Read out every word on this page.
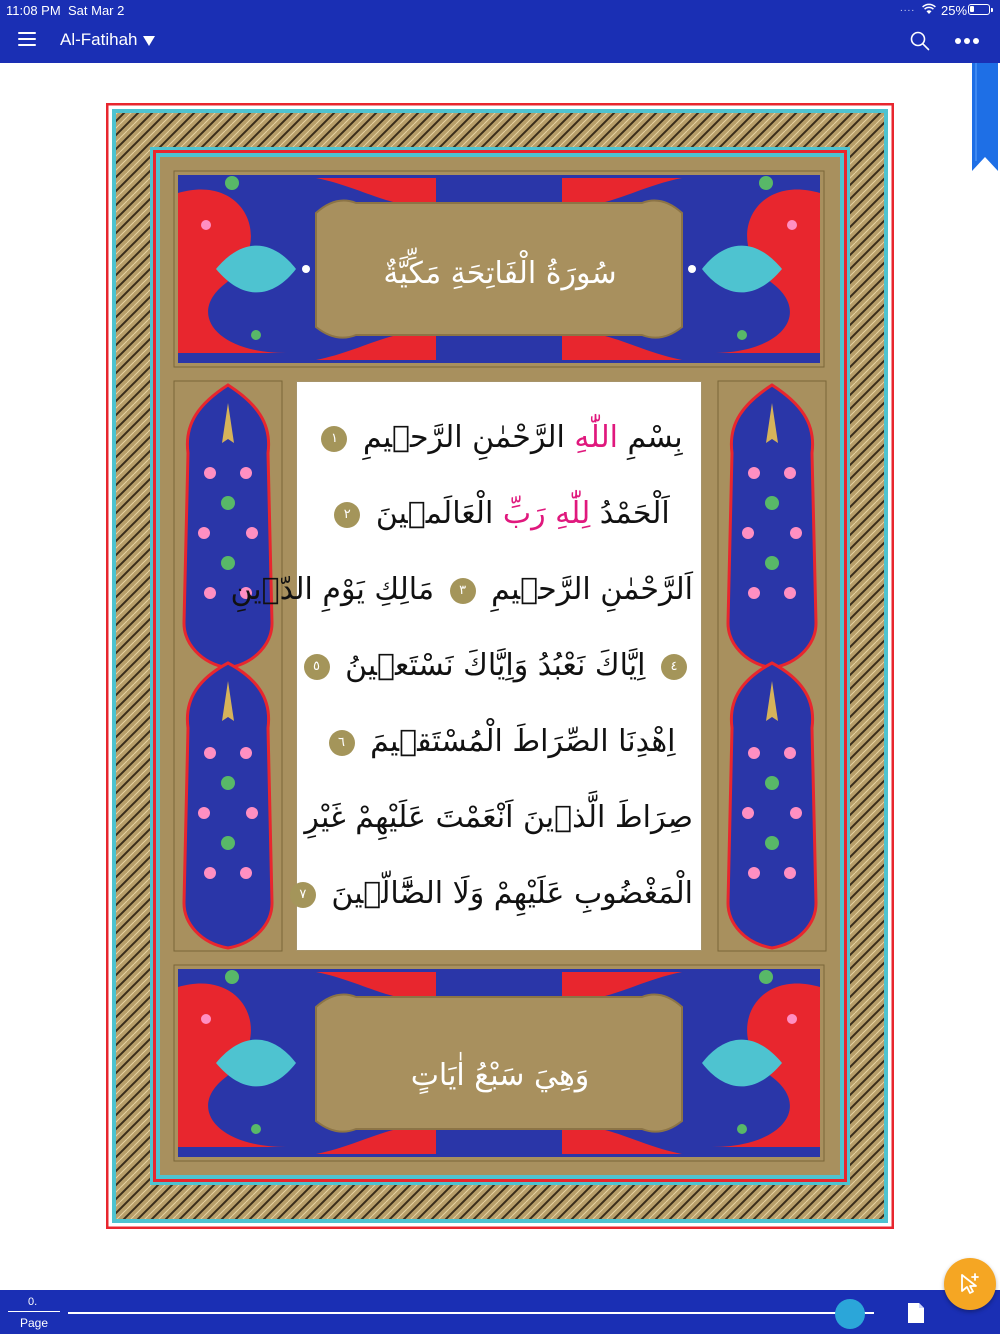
11:08 PM Sat Mar 2	.... 25%
Al-Fatihah
سُورَةُ الْفَاتِحَةِ مَكِّيَّةٌ
بِسْمِ اللّٰهِ الرَّحْمٰنِ الرَّح۪يمِ ١
اَلْحَمْدُ لِلّٰهِ رَبِّ الْعَالَم۪ينَ ٢
اَلرَّحْمٰنِ الرَّح۪يمِ ٣ مَالِكِ يَوْمِ الدّ۪ينِ
٤ اِيَّاكَ نَعْبُدُ وَاِيَّاكَ نَسْتَع۪ينُ ٥
اِهْدِنَا الصِّرَاطَ الْمُسْتَق۪يمَ ٦
صِرَاطَ الَّذ۪ينَ اَنْعَمْتَ عَلَيْهِمْ غَيْرِ
الْمَغْضُوبِ عَلَيْهِمْ وَلَا الضَّٓالّ۪ينَ ٧
وَهِيَ سَبْعُ اٰيَاتٍ
0.
Page
